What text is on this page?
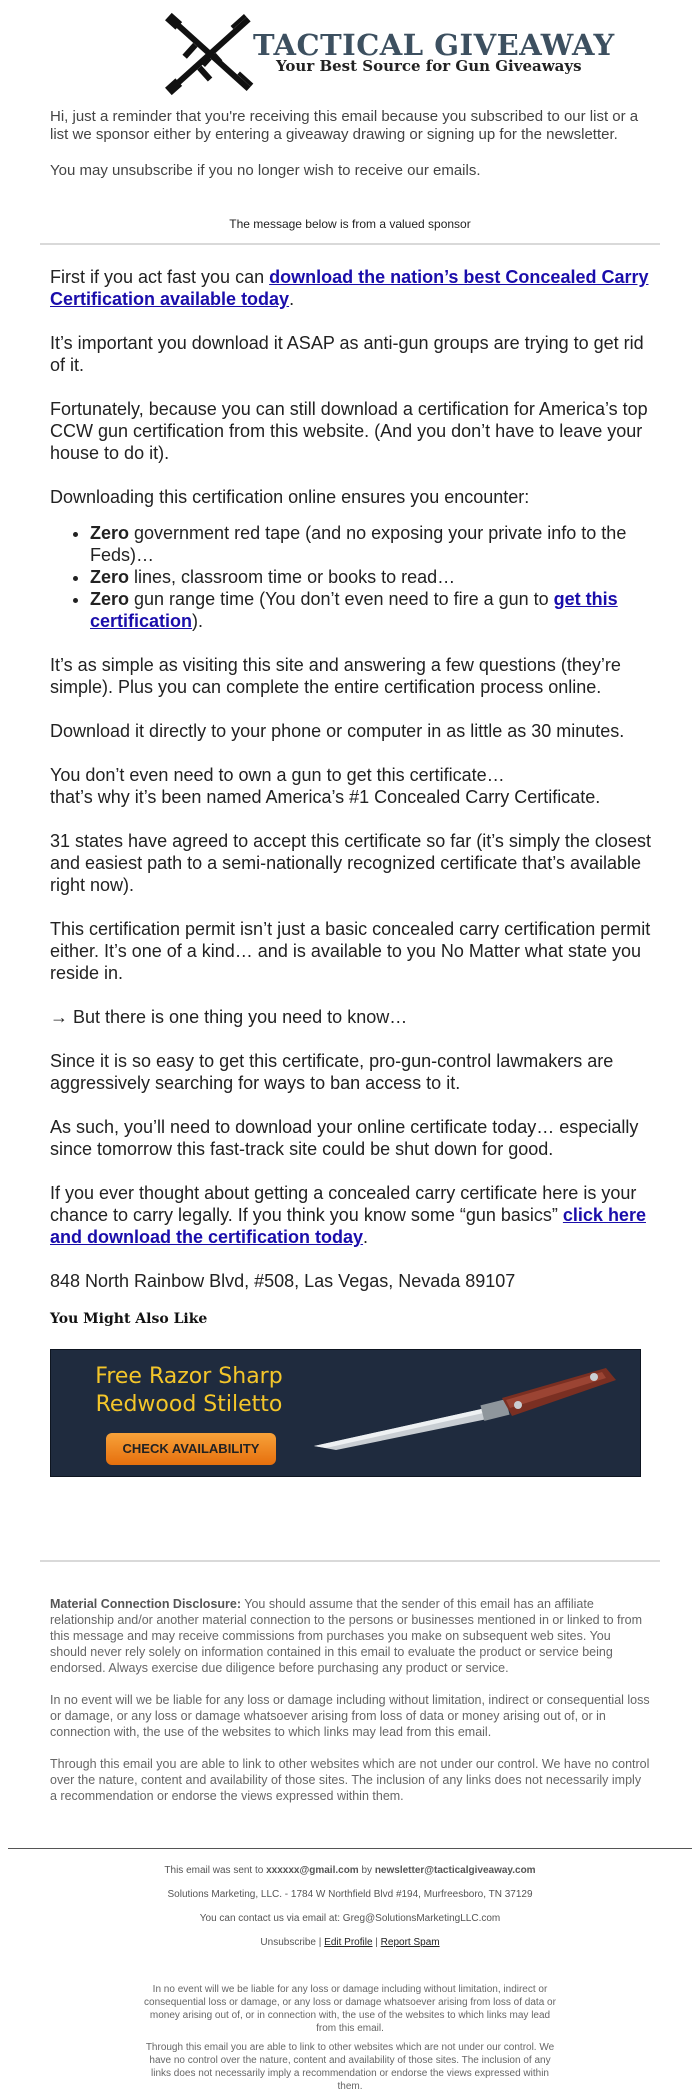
TACTICAL GIVEAWAY
Your Best Source for Gun Giveaways

Hi, just a reminder that you're receiving this email because you subscribed to our list or a list we sponsor either by entering a giveaway drawing or signing up for the newsletter.

You may unsubscribe if you no longer wish to receive our emails.

The message below is from a valued sponsor

First if you act fast you can download the nation’s best Concealed Carry Certification available today.

It’s important you download it ASAP as anti-gun groups are trying to get rid of it.

Fortunately, because you can still download a certification for America’s top CCW gun certification from this website. (And you don’t have to leave your house to do it).

Downloading this certification online ensures you encounter:

• Zero government red tape (and no exposing your private info to the Feds)…
• Zero lines, classroom time or books to read…
• Zero gun range time (You don’t even need to fire a gun to get this certification).

It’s as simple as visiting this site and answering a few questions (they’re simple). Plus you can complete the entire certification process online.

Download it directly to your phone or computer in as little as 30 minutes.

You don’t even need to own a gun to get this certificate…
that’s why it’s been named America’s #1 Concealed Carry Certificate.

31 states have agreed to accept this certificate so far (it’s simply the closest and easiest path to a semi-nationally recognized certificate that’s available right now).

This certification permit isn’t just a basic concealed carry certification permit either. It’s one of a kind… and is available to you No Matter what state you reside in.

→ But there is one thing you need to know…

Since it is so easy to get this certificate, pro-gun-control lawmakers are aggressively searching for ways to ban access to it.

As such, you’ll need to download your online certificate today… especially since tomorrow this fast-track site could be shut down for good.

If you ever thought about getting a concealed carry certificate here is your chance to carry legally. If you think you know some “gun basics” click here and download the certification today.

848 North Rainbow Blvd, #508, Las Vegas, Nevada 89107

You Might Also Like
Free Razor Sharp
Redwood Stiletto
CHECK AVAILABILITY

Material Connection Disclosure: You should assume that the sender of this email has an affiliate relationship and/or another material connection to the persons or businesses mentioned in or linked to from this message and may receive commissions from purchases you make on subsequent web sites. You should never rely solely on information contained in this email to evaluate the product or service being endorsed. Always exercise due diligence before purchasing any product or service.

In no event will we be liable for any loss or damage including without limitation, indirect or consequential loss or damage, or any loss or damage whatsoever arising from loss of data or money arising out of, or in connection with, the use of the websites to which links may lead from this email.

Through this email you are able to link to other websites which are not under our control. We have no control over the nature, content and availability of those sites. The inclusion of any links does not necessarily imply a recommendation or endorse the views expressed within them.

This email was sent to xxxxxx@gmail.com by newsletter@tacticalgiveaway.com
Solutions Marketing, LLC. - 1784 W Northfield Blvd #194, Murfreesboro, TN 37129
You can contact us via email at: Greg@SolutionsMarketingLLC.com
Unsubscribe | Edit Profile | Report Spam
In no event will we be liable for any loss or damage including without limitation, indirect or consequential loss or damage, or any loss or damage whatsoever arising from loss of data or money arising out of, or in connection with, the use of the websites to which links may lead from this email.
Through this email you are able to link to other websites which are not under our control. We have no control over the nature, content and availability of those sites. The inclusion of any links does not necessarily imply a recommendation or endorse the views expressed within them.
